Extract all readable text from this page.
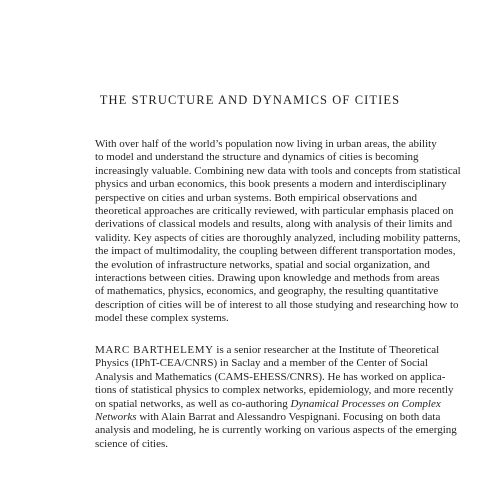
THE STRUCTURE AND DYNAMICS OF CITIES
With over half of the world’s population now living in urban areas, the ability
to model and understand the structure and dynamics of cities is becoming
increasingly valuable. Combining new data with tools and concepts from statistical
physics and urban economics, this book presents a modern and interdisciplinary
perspective on cities and urban systems. Both empirical observations and
theoretical approaches are critically reviewed, with particular emphasis placed on
derivations of classical models and results, along with analysis of their limits and
validity. Key aspects of cities are thoroughly analyzed, including mobility patterns,
the impact of multimodality, the coupling between different transportation modes,
the evolution of infrastructure networks, spatial and social organization, and
interactions between cities. Drawing upon knowledge and methods from areas
of mathematics, physics, economics, and geography, the resulting quantitative
description of cities will be of interest to all those studying and researching how to
model these complex systems.
MARC BARTHELEMY is a senior researcher at the Institute of Theoretical
Physics (IPhT-CEA/CNRS) in Saclay and a member of the Center of Social
Analysis and Mathematics (CAMS-EHESS/CNRS). He has worked on applica-
tions of statistical physics to complex networks, epidemiology, and more recently
on spatial networks, as well as co-authoring Dynamical Processes on Complex
Networks with Alain Barrat and Alessandro Vespignani. Focusing on both data
analysis and modeling, he is currently working on various aspects of the emerging
science of cities.
